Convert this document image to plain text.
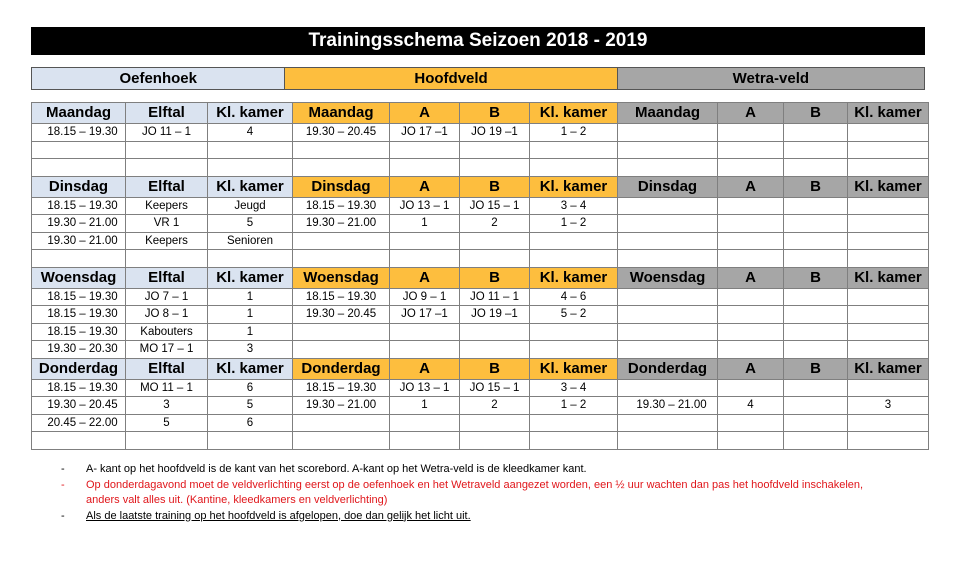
Trainingsschema Seizoen 2018 - 2019
Oefenhoek	Hoofdveld	Wetra-veld
Maandag	Elftal	Kl. kamer	Maandag	A	B	Kl. kamer	Maandag	A	B	Kl. kamer
18.15 – 19.30	JO 11 – 1	4	19.30 – 20.45	JO 17 –1	JO 19 –1	1 – 2				

Dinsdag	Elftal	Kl. kamer	Dinsdag	A	B	Kl. kamer	Dinsdag	A	B	Kl. kamer
18.15 – 19.30	Keepers	Jeugd	18.15 – 19.30	JO 13 – 1	JO 15 – 1	3 – 4				
19.30 – 21.00	VR 1	5	19.30 – 21.00	1	2	1 – 2				
19.30 – 21.00	Keepers	Senioren								

Woensdag	Elftal	Kl. kamer	Woensdag	A	B	Kl. kamer	Woensdag	A	B	Kl. kamer
18.15 – 19.30	JO 7 – 1	1	18.15 – 19.30	JO 9 – 1	JO 11 – 1	4 – 6				
18.15 – 19.30	JO 8 – 1	1	19.30 – 20.45	JO 17 –1	JO 19 –1	5 – 2				
18.15 – 19.30	Kabouters	1								
19.30 – 20.30	MO 17 – 1	3								
Donderdag	Elftal	Kl. kamer	Donderdag	A	B	Kl. kamer	Donderdag	A	B	Kl. kamer
18.15 – 19.30	MO 11 – 1	6	18.15 – 19.30	JO 13 – 1	JO 15 – 1	3 – 4				
19.30 – 20.45	3	5	19.30 – 21.00	1	2	1 – 2	19.30 – 21.00	4		3
20.45 – 22.00	5	6								

-	A- kant op het hoofdveld is de kant van het scorebord. A-kant op het Wetra-veld is de kleedkamer kant.
-	Op donderdagavond moet de veldverlichting eerst op de oefenhoek en het Wetraveld aangezet worden, een ½ uur wachten dan pas het hoofdveld inschakelen,
anders valt alles uit. (Kantine, kleedkamers en veldverlichting)
-	Als de laatste training op het hoofdveld is afgelopen, doe dan gelijk het licht uit.
